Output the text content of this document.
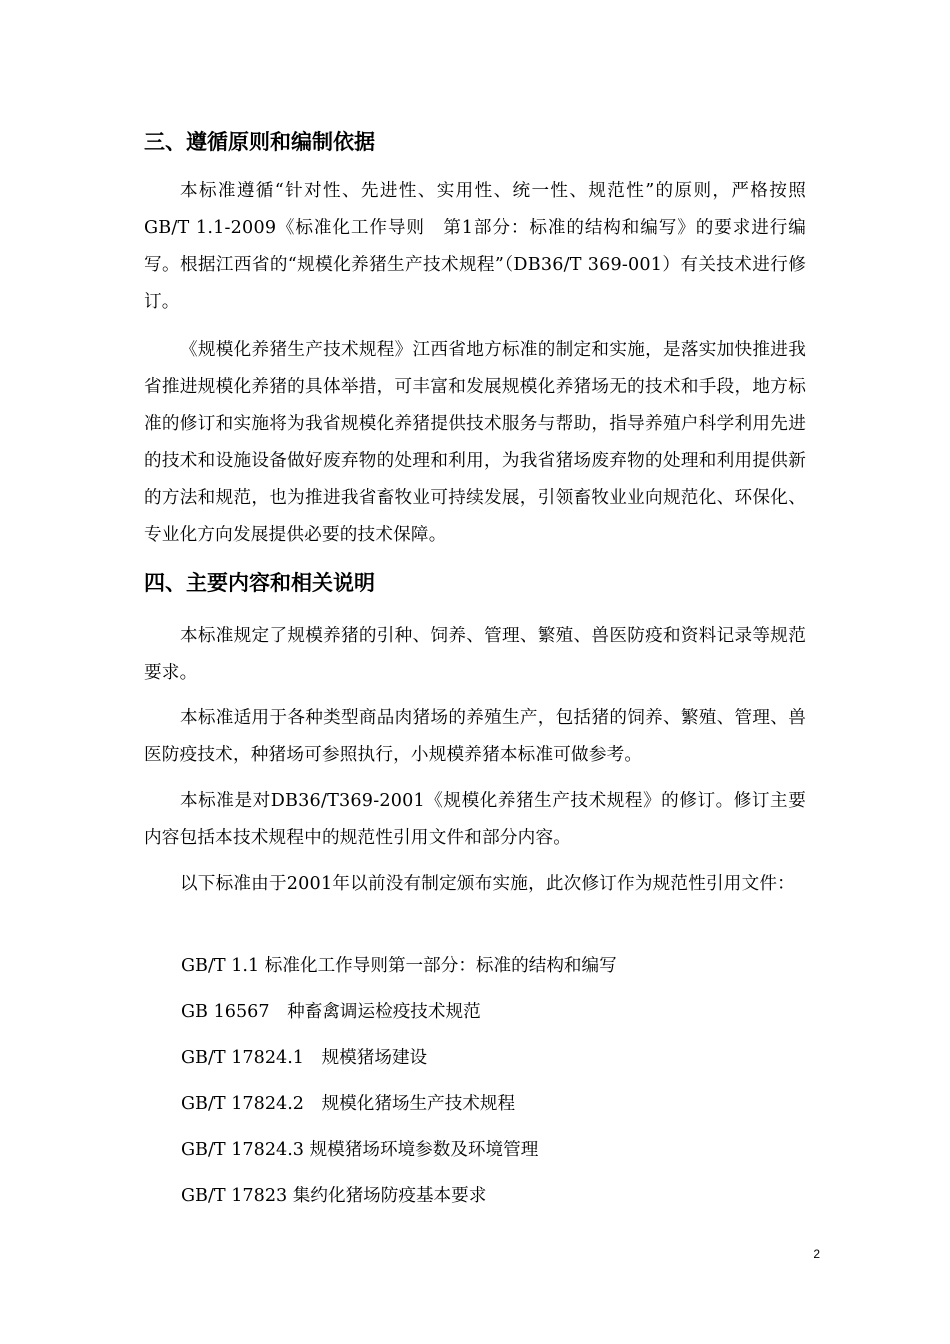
三、遵循原则和编制依据

本标准遵循“针对性、先进性、实用性、统一性、规范性”的原则，严格按照GB/T 1.1-2009《标准化工作导则　第1部分：标准的结构和编写》的要求进行编写。根据江西省的“规模化养猪生产技术规程”（DB36/T 369-001）有关技术进行修订。

《规模化养猪生产技术规程》江西省地方标准的制定和实施，是落实加快推进我省推进规模化养猪的具体举措，可丰富和发展规模化养猪场无的技术和手段，地方标准的修订和实施将为我省规模化养猪提供技术服务与帮助，指导养殖户科学利用先进的技术和设施设备做好废弃物的处理和利用，为我省猪场废弃物的处理和利用提供新的方法和规范，也为推进我省畜牧业可持续发展，引领畜牧业业向规范化、环保化、专业化方向发展提供必要的技术保障。

四、主要内容和相关说明

本标准规定了规模养猪的引种、饲养、管理、繁殖、兽医防疫和资料记录等规范要求。

本标准适用于各种类型商品肉猪场的养殖生产，包括猪的饲养、繁殖、管理、兽医防疫技术，种猪场可参照执行，小规模养猪本标准可做参考。

本标准是对DB36/T369-2001《规模化养猪生产技术规程》的修订。修订主要内容包括本技术规程中的规范性引用文件和部分内容。

以下标准由于2001年以前没有制定颁布实施，此次修订作为规范性引用文件：

GB/T 1.1 标准化工作导则第一部分：标准的结构和编写

GB 16567　种畜禽调运检疫技术规范

GB/T 17824.1　规模猪场建设

GB/T 17824.2　规模化猪场生产技术规程

GB/T 17824.3 规模猪场环境参数及环境管理

GB/T 17823 集约化猪场防疫基本要求

2
